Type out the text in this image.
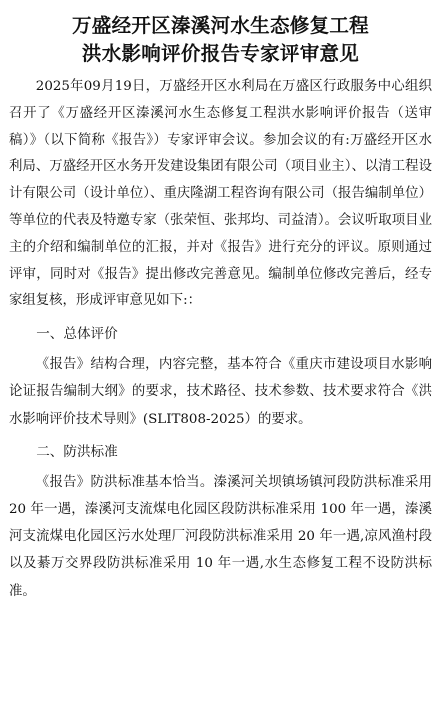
万盛经开区溱溪河水生态修复工程

洪水影响评价报告专家评审意见

2025年09月19日，万盛经开区水利局在万盛区行政服务中心组织召开了《万盛经开区溱溪河水生态修复工程洪水影响评价报告（送审稿）》（以下简称《报告》）专家评审会议。参加会议的有:万盛经开区水利局、万盛经开区水务开发建设集团有限公司（项目业主）、以清工程设计有限公司（设计单位）、重庆隆湖工程咨询有限公司（报告编制单位）等单位的代表及特邀专家（张荣恒、张邦均、司益清）。会议听取项目业主的介绍和编制单位的汇报，并对《报告》进行充分的评议。原则通过评审，同时对《报告》提出修改完善意见。编制单位修改完善后，经专家组复核，形成评审意见如下:：

一、总体评价

《报告》结构合理，内容完整，基本符合《重庆市建设项目水影响论证报告编制大纲》的要求，技术路径、技术参数、技术要求符合《洪水影响评价技术导则》(SLIT808-2025）的要求。

二、防洪标准

《报告》防洪标准基本恰当。溱溪河关坝镇场镇河段防洪标准采用 20 年一遇，溱溪河支流煤电化园区段防洪标准采用 100 年一遇，溱溪河支流煤电化园区污水处理厂河段防洪标准采用 20 年一遇,凉风渔村段以及綦万交界段防洪标准采用 10 年一遇,水生态修复工程不设防洪标准。
